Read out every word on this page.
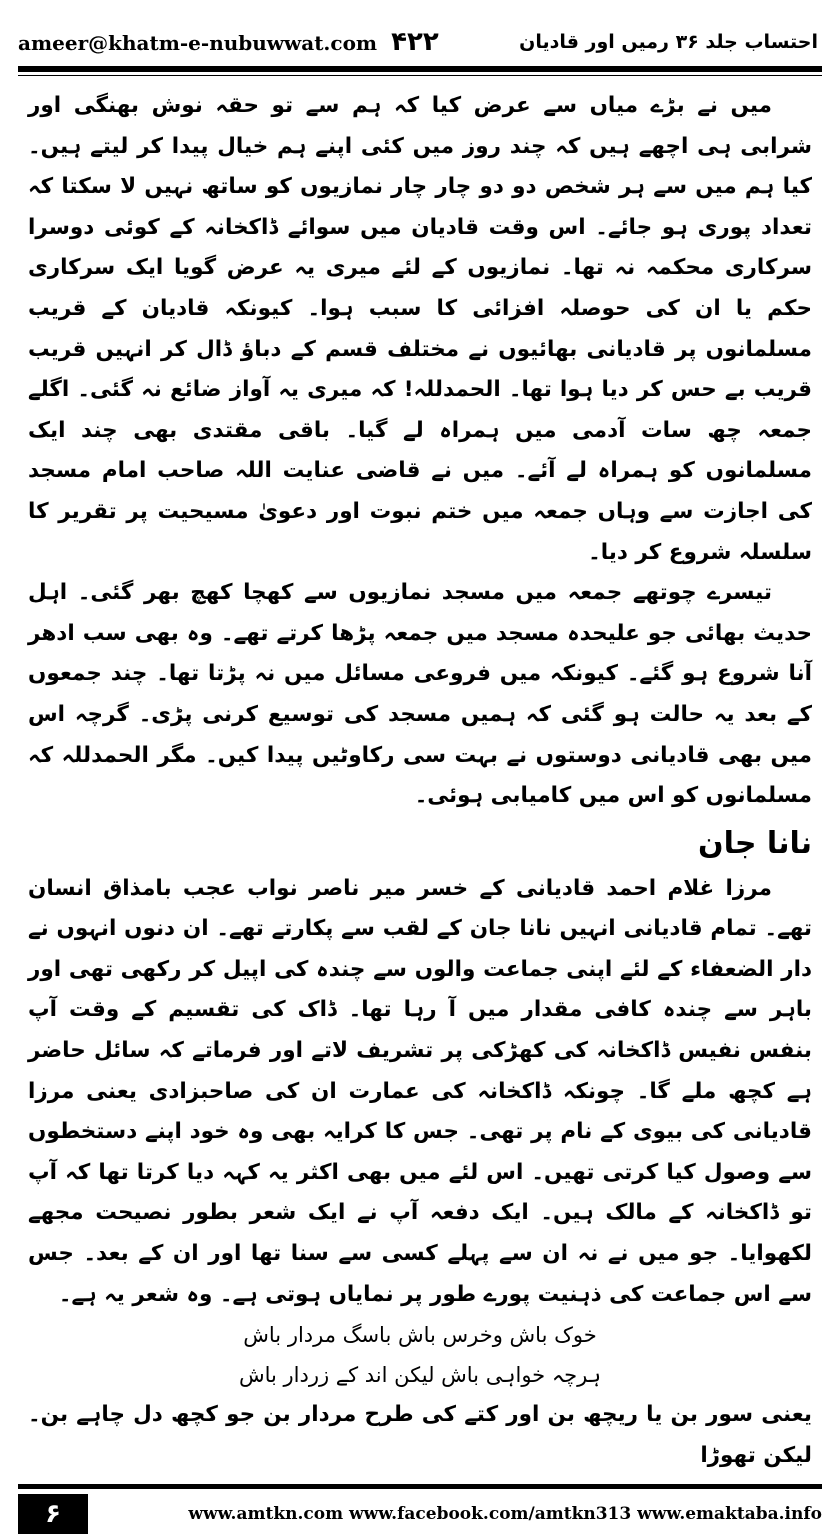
ameer@khatm-e-nubuwwat.com ۴۲۲	احتساب جلد ۳۶ رمیں اور قادیان

میں نے بڑے میاں سے عرض کیا کہ ہم سے تو حقہ نوش بھنگی اور شرابی ہی اچھے ہیں کہ چند روز میں کئی اپنے ہم خیال پیدا کر لیتے ہیں۔ کیا ہم میں سے ہر شخص دو دو چار چار نمازیوں کو ساتھ نہیں لا سکتا کہ تعداد پوری ہو جائے۔ اس وقت قادیان میں سوائے ڈاکخانہ کے کوئی دوسرا سرکاری محکمہ نہ تھا۔ نمازیوں کے لئے میری یہ عرض گویا ایک سرکاری حکم یا ان کی حوصلہ افزائی کا سبب ہوا۔ کیونکہ قادیان کے قریب مسلمانوں پر قادیانی بھائیوں نے مختلف قسم کے دباؤ ڈال کر انہیں قریب قریب بے حس کر دیا ہوا تھا۔ الحمدللہ! کہ میری یہ آواز ضائع نہ گئی۔ اگلے جمعہ چھ سات آدمی میں ہمراہ لے گیا۔ باقی مقتدی بھی چند ایک مسلمانوں کو ہمراہ لے آئے۔ میں نے قاضی عنایت اللہ صاحب امام مسجد کی اجازت سے وہاں جمعہ میں ختم نبوت اور دعویٰ مسیحیت پر تقریر کا سلسلہ شروع کر دیا۔

تیسرے چوتھے جمعہ میں مسجد نمازیوں سے کھچا کھچ بھر گئی۔ اہل حدیث بھائی جو علیحدہ مسجد میں جمعہ پڑھا کرتے تھے۔ وہ بھی سب ادھر آنا شروع ہو گئے۔ کیونکہ میں فروعی مسائل میں نہ پڑتا تھا۔ چند جمعوں کے بعد یہ حالت ہو گئی کہ ہمیں مسجد کی توسیع کرنی پڑی۔ گرچہ اس میں بھی قادیانی دوستوں نے بہت سی رکاوٹیں پیدا کیں۔ مگر الحمدللہ کہ مسلمانوں کو اس میں کامیابی ہوئی۔

نانا جان

مرزا غلام احمد قادیانی کے خسر میر ناصر نواب عجب بامذاق انسان تھے۔ تمام قادیانی انہیں نانا جان کے لقب سے پکارتے تھے۔ ان دنوں انہوں نے دار الضعفاء کے لئے اپنی جماعت والوں سے چندہ کی اپیل کر رکھی تھی اور باہر سے چندہ کافی مقدار میں آ رہا تھا۔ ڈاک کی تقسیم کے وقت آپ بنفس نفیس ڈاکخانہ کی کھڑکی پر تشریف لاتے اور فرماتے کہ سائل حاضر ہے کچھ ملے گا۔ چونکہ ڈاکخانہ کی عمارت ان کی صاحبزادی یعنی مرزا قادیانی کی بیوی کے نام پر تھی۔ جس کا کرایہ بھی وہ خود اپنے دستخطوں سے وصول کیا کرتی تھیں۔ اس لئے میں بھی اکثر یہ کہہ دیا کرتا تھا کہ آپ تو ڈاکخانہ کے مالک ہیں۔ ایک دفعہ آپ نے ایک شعر بطور نصیحت مجھے لکھوایا۔ جو میں نے نہ ان سے پہلے کسی سے سنا تھا اور ان کے بعد۔ جس سے اس جماعت کی ذہنیت پورے طور پر نمایاں ہوتی ہے۔ وہ شعر یہ ہے۔

خوک باش وخرس باش باسگ مردار باش
ہرچہ خواہی باش لیکن اند کے زردار باش

یعنی سور بن یا ریچھ بن اور کتے کی طرح مردار بن جو کچھ دل چاہے بن۔ لیکن تھوڑا

۶	www.amtkn.com www.facebook.com/amtkn313 www.emaktaba.info
